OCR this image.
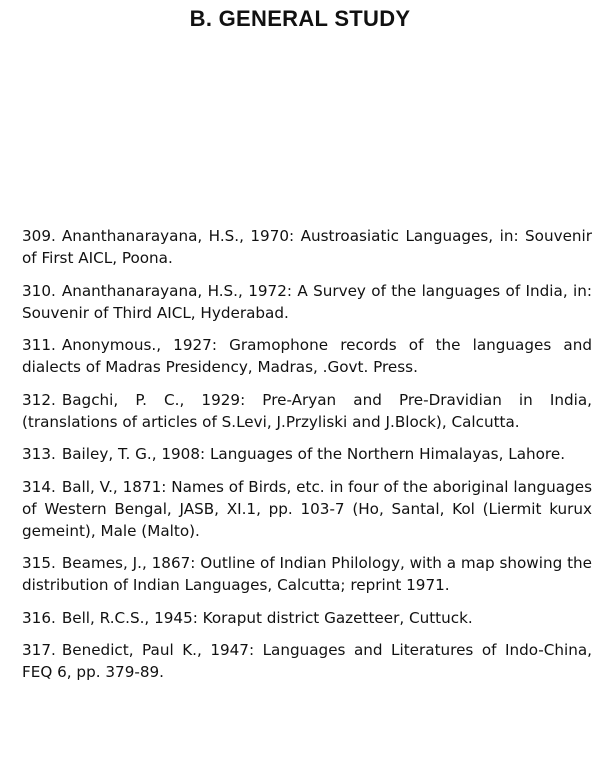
B. GENERAL STUDY

309. Ananthanarayana, H.S., 1970: Austroasiatic Languages, in: Souvenir of First AICL, Poona.

310. Ananthanarayana, H.S., 1972: A Survey of the languages of India, in: Souvenir of Third AICL, Hyderabad.

311. Anonymous., 1927: Gramophone records of the languages and dialects of Madras Presidency, Madras, .Govt. Press.

312. Bagchi, P. C., 1929: Pre-Aryan and Pre-Dravidian in India, (translations of articles of S.Levi, J.Przyliski and J.Block), Calcutta.

313. Bailey, T. G., 1908: Languages of the Northern Himalayas, Lahore.

314. Ball, V., 1871: Names of Birds, etc. in four of the aboriginal languages of Western Bengal, JASB, XI.1, pp. 103-7 (Ho, Santal, Kol (Liermit kurux gemeint), Male (Malto).

315. Beames, J., 1867: Outline of Indian Philology, with a map showing the distribution of Indian Languages, Calcutta; reprint 1971.

316. Bell, R.C.S., 1945: Koraput district Gazetteer, Cuttuck.

317. Benedict, Paul K., 1947: Languages and Literatures of Indo-China, FEQ 6, pp. 379-89.
